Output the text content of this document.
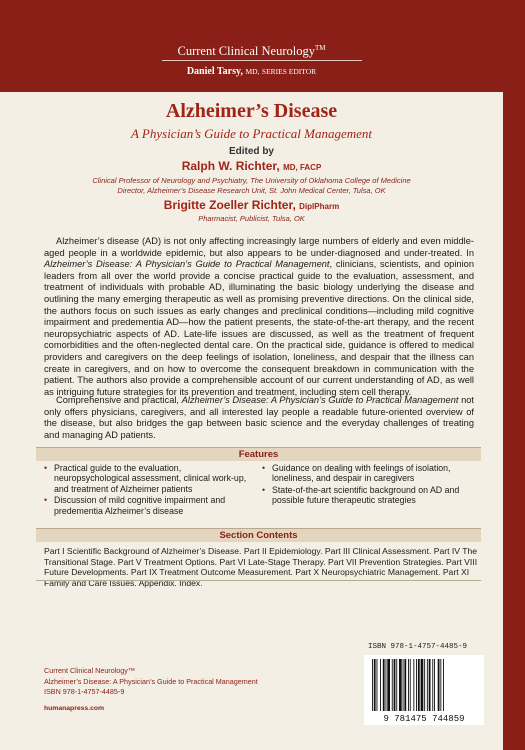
Current Clinical Neurology™
Daniel Tarsy, MD, SERIES EDITOR
Alzheimer’s Disease
A Physician’s Guide to Practical Management
Edited by
Ralph W. Richter, MD, FACP
Clinical Professor of Neurology and Psychiatry, The University of Oklahoma College of Medicine
Director, Alzheimer’s Disease Research Unit, St. John Medical Center, Tulsa, OK
Brigitte Zoeller Richter, DiplPharm
Pharmacist, Publicist, Tulsa, OK

Alzheimer’s disease (AD) is not only affecting increasingly large numbers of elderly and even middle-aged people in a worldwide epidemic, but also appears to be under-diagnosed and under-treated. In Alzheimer’s Disease: A Physician’s Guide to Practical Management, clinicians, scientists, and opinion leaders from all over the world provide a concise practical guide to the evaluation, assessment, and treatment of individuals with probable AD, illuminating the basic biology underlying the disease and outlining the many emerging therapeutic as well as promising preventive directions. On the clinical side, the authors focus on such issues as early changes and preclinical conditions—including mild cognitive impairment and predementia AD—how the patient presents, the state-of-the-art therapy, and the recent neuropsychiatric aspects of AD. Late-life issues are discussed, as well as the treatment of frequent comorbidities and the often-neglected dental care. On the practical side, guidance is offered to medical providers and caregivers on the deep feelings of isolation, loneliness, and despair that the illness can create in caregivers, and on how to overcome the consequent breakdown in communication with the patient. The authors also provide a comprehensible account of our current understanding of AD, as well as intriguing future strategies for its prevention and treatment, including stem cell therapy.

Comprehensive and practical, Alzheimer’s Disease: A Physician’s Guide to Practical Management not only offers physicians, caregivers, and all interested lay people a readable future-oriented overview of the disease, but also bridges the gap between basic science and the everyday challenges of treating and managing AD patients.

Features
• Practical guide to the evaluation, neuropsychological assessment, clinical work-up, and treatment of Alzheimer patients
• Discussion of mild cognitive impairment and predementia Alzheimer’s disease
• Guidance on dealing with feelings of isolation, loneliness, and despair in caregivers
• State-of-the-art scientific background on AD and possible future therapeutic strategies
Section Contents

Part I Scientific Background of Alzheimer’s Disease. Part II Epidemiology. Part III Clinical Assessment. Part IV The Transitional Stage. Part V Treatment Options. Part VI Late-Stage Therapy. Part VII Prevention Strategies. Part VIII Future Developments. Part IX Treatment Outcome Measurement. Part X Neuropsychiatric Management. Part XI Family and Care Issues. Appendix. Index.

ISBN 978-1-4757-4485-9
9 781475 744859
Current Clinical Neurology™
Alzheimer’s Disease: A Physician’s Guide to Practical Management
ISBN 978-1-4757-4485-9
humanapress.com
